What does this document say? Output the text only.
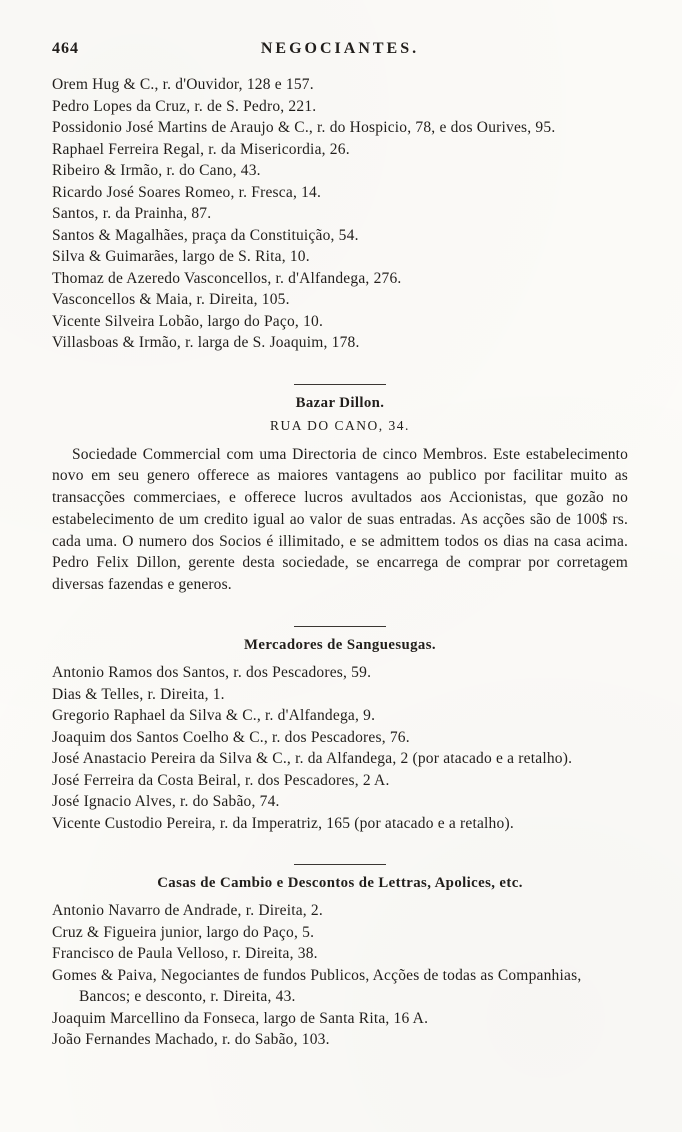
464	NEGOCIANTES.
Orem Hug & C., r. d'Ouvidor, 128 e 157.
Pedro Lopes da Cruz, r. de S. Pedro, 221.
Possidonio José Martins de Araujo & C., r. do Hospicio, 78, e dos Ourives, 95.
Raphael Ferreira Regal, r. da Misericordia, 26.
Ribeiro & Irmão, r. do Cano, 43.
Ricardo José Soares Romeo, r. Fresca, 14.
Santos, r. da Prainha, 87.
Santos & Magalhães, praça da Constituição, 54.
Silva & Guimarães, largo de S. Rita, 10.
Thomaz de Azeredo Vasconcellos, r. d'Alfandega, 276.
Vasconcellos & Maia, r. Direita, 105.
Vicente Silveira Lobão, largo do Paço, 10.
Villasboas & Irmão, r. larga de S. Joaquim, 178.
Bazar Dillon.
RUA DO CANO, 34.

Sociedade Commercial com uma Directoria de cinco Membros. Este estabelecimento novo em seu genero offerece as maiores vantagens ao publico por facilitar muito as transacções commerciaes, e offerece lucros avultados aos Accionistas, que gozão no estabelecimento de um credito igual ao valor de suas entradas. As acções são de 100$ rs. cada uma. O numero dos Socios é illimitado, e se admittem todos os dias na casa acima. Pedro Felix Dillon, gerente desta sociedade, se encarrega de comprar por corretagem diversas fazendas e generos.

Mercadores de Sanguesugas.
Antonio Ramos dos Santos, r. dos Pescadores, 59.
Dias & Telles, r. Direita, 1.
Gregorio Raphael da Silva & C., r. d'Alfandega, 9.
Joaquim dos Santos Coelho & C., r. dos Pescadores, 76.
José Anastacio Pereira da Silva & C., r. da Alfandega, 2 (por atacado e a retalho).
José Ferreira da Costa Beiral, r. dos Pescadores, 2 A.
José Ignacio Alves, r. do Sabão, 74.
Vicente Custodio Pereira, r. da Imperatriz, 165 (por atacado e a retalho).
Casas de Cambio e Descontos de Lettras, Apolices, etc.
Antonio Navarro de Andrade, r. Direita, 2.
Cruz & Figueira junior, largo do Paço, 5.
Francisco de Paula Velloso, r. Direita, 38.
Gomes & Paiva, Negociantes de fundos Publicos, Acções de todas as Companhias, Bancos; e desconto, r. Direita, 43.
Joaquim Marcellino da Fonseca, largo de Santa Rita, 16 A.
João Fernandes Machado, r. do Sabão, 103.
